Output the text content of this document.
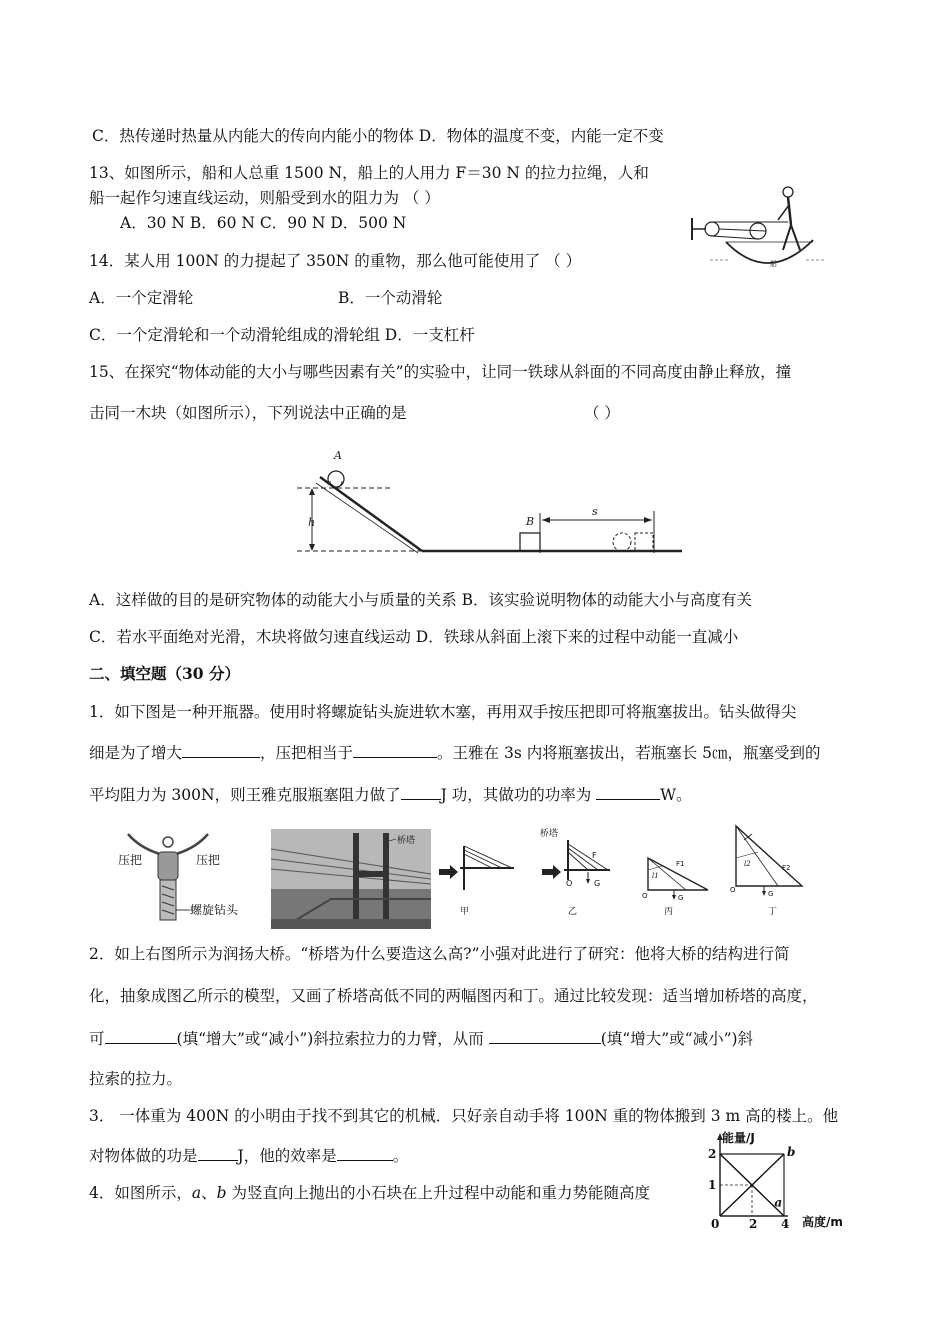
C．热传递时热量从内能大的传向内能小的物体 D．物体的温度不变，内能一定不变
13、如图所示，船和人总重 1500 N，船上的人用力 F＝30 N 的拉力拉绳，人和
船一起作匀速直线运动，则船受到水的阻力为 （ ）
A．30 N B．60 N C．90 N D．500 N
船
14．某人用 100N 的力提起了 350N 的重物，那么他可能使用了 （ ）
A．一个定滑轮	B．一个动滑轮
C．一个定滑轮和一个动滑轮组成的滑轮组 D．一支杠杆
15、在探究“物体动能的大小与哪些因素有关”的实验中，让同一铁球从斜面的不同高度由静止释放，撞
击同一木块（如图所示），下列说法中正确的是	（ ）
A
h	B
s
A．这样做的目的是研究物体的动能大小与质量的关系 B．该实验说明物体的动能大小与高度有关
C．若水平面绝对光滑，木块将做匀速直线运动 D．铁球从斜面上滚下来的过程中动能一直减小
二、填空题（30 分）
1．如下图是一种开瓶器。使用时将螺旋钻头旋进软木塞，再用双手按压把即可将瓶塞拔出。钻头做得尖
细是为了增大	，压把相当于	。王雅在 3s 内将瓶塞拔出，若瓶塞长 5㎝，瓶塞受到的
平均阻力为 300N，则王雅克服瓶塞阻力做了	J 功，其做功的功率为	W。
压把	压把
螺旋钻头
桥塔
甲
桥塔
F
O	G
乙
l1
F1
O	G
丙
l2	F2
O	G
丁
2．如上右图所示为润扬大桥。“桥塔为什么要造这么高?”小强对此进行了研究：他将大桥的结构进行简
化，抽象成图乙所示的模型，又画了桥塔高低不同的两幅图丙和丁。通过比较发现：适当增加桥塔的高度，
可	(填“增大”或“减小”)斜拉索拉力的力臂，从而	(填“增大”或“减小”)斜
拉索的拉力。
3． 一体重为 400N 的小明由于找不到其它的机械．只好亲自动手将 100N 重的物体搬到 3 m 高的楼上。他
对物体做的功是	J，他的效率是	。
4．如图所示，a、b 为竖直向上抛出的小石块在上升过程中动能和重力势能随高度
能量/J
高度/m
b
a
0 2 4
1
2
